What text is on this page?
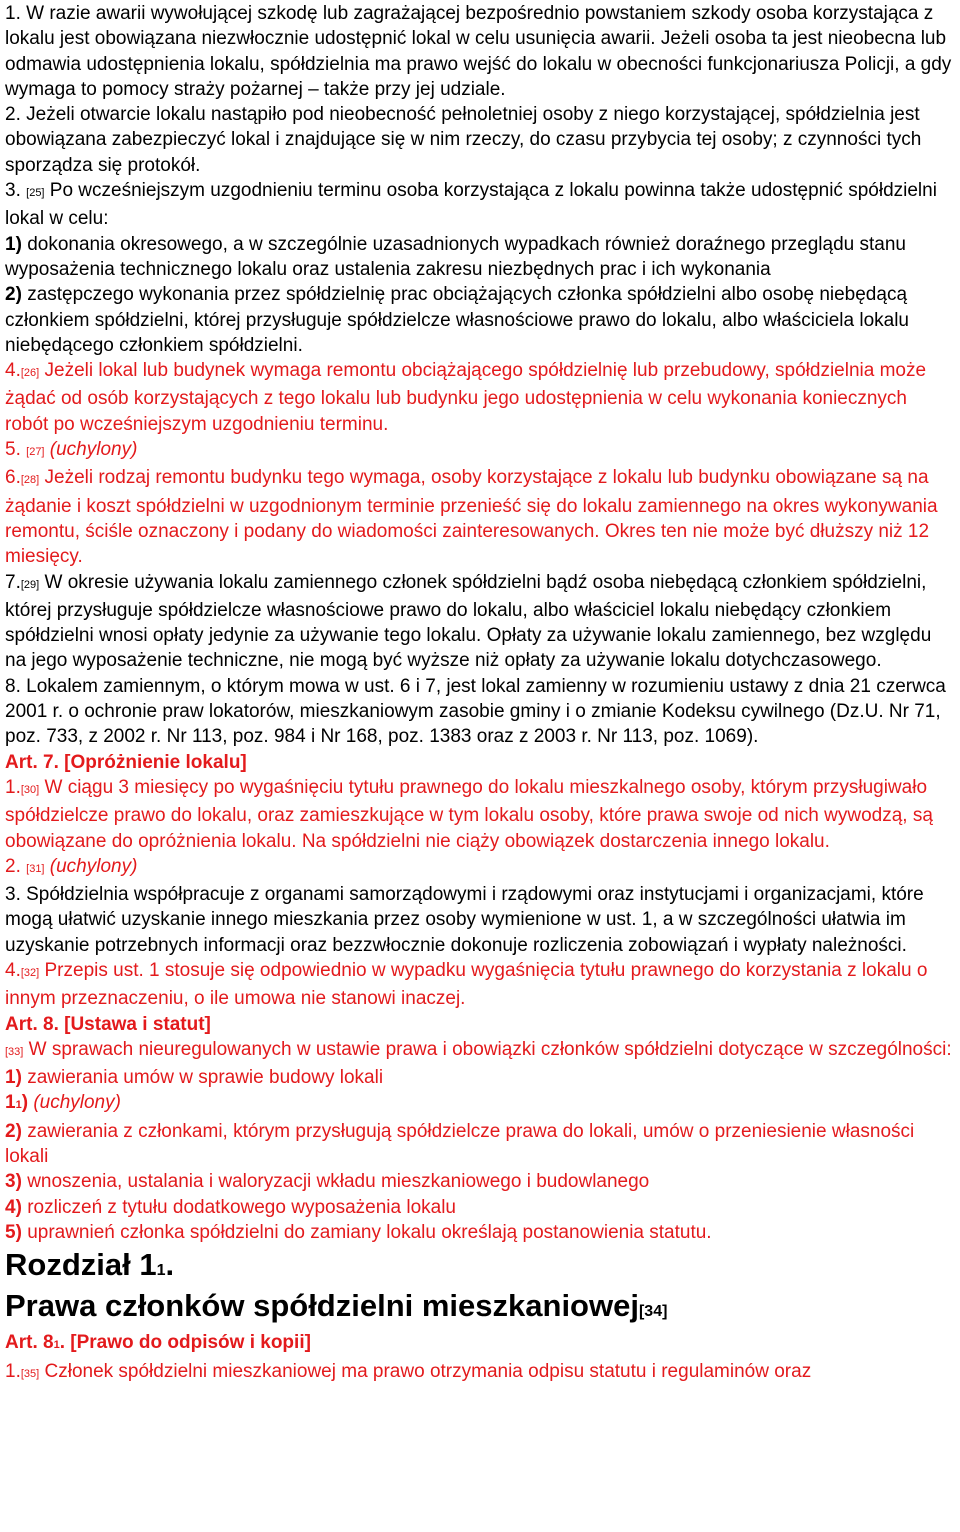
1. W razie awarii wywołującej szkodę lub zagrażającej bezpośrednio powstaniem szkody osoba korzystająca z lokalu jest obowiązana niezwłocznie udostępnić lokal w celu usunięcia awarii. Jeżeli osoba ta jest nieobecna lub odmawia udostępnienia lokalu, spółdzielnia ma prawo wejść do lokalu w obecności funkcjonariusza Policji, a gdy wymaga to pomocy straży pożarnej – także przy jej udziale.

2. Jeżeli otwarcie lokalu nastąpiło pod nieobecność pełnoletniej osoby z niego korzystającej, spółdzielnia jest obowiązana zabezpieczyć lokal i znajdujące się w nim rzeczy, do czasu przybycia tej osoby; z czynności tych sporządza się protokół.

3. [25] Po wcześniejszym uzgodnieniu terminu osoba korzystająca z lokalu powinna także udostępnić spółdzielni lokal w celu:

1) dokonania okresowego, a w szczególnie uzasadnionych wypadkach również doraźnego przeglądu stanu wyposażenia technicznego lokalu oraz ustalenia zakresu niezbędnych prac i ich wykonania

2) zastępczego wykonania przez spółdzielnię prac obciążających członka spółdzielni albo osobę niebędącą członkiem spółdzielni, której przysługuje spółdzielcze własnościowe prawo do lokalu, albo właściciela lokalu niebędącego członkiem spółdzielni.

4.[26] Jeżeli lokal lub budynek wymaga remontu obciążającego spółdzielnię lub przebudowy, spółdzielnia może żądać od osób korzystających z tego lokalu lub budynku jego udostępnienia w celu wykonania koniecznych robót po wcześniejszym uzgodnieniu terminu.

5. [27] (uchylony)

6.[28] Jeżeli rodzaj remontu budynku tego wymaga, osoby korzystające z lokalu lub budynku obowiązane są na żądanie i koszt spółdzielni w uzgodnionym terminie przenieść się do lokalu zamiennego na okres wykonywania remontu, ściśle oznaczony i podany do wiadomości zainteresowanych. Okres ten nie może być dłuższy niż 12 miesięcy.

7.[29] W okresie używania lokalu zamiennego członek spółdzielni bądź osoba niebędącą członkiem spółdzielni, której przysługuje spółdzielcze własnościowe prawo do lokalu, albo właściciel lokalu niebędący członkiem spółdzielni wnosi opłaty jedynie za używanie tego lokalu. Opłaty za używanie lokalu zamiennego, bez względu na jego wyposażenie techniczne, nie mogą być wyższe niż opłaty za używanie lokalu dotychczasowego.

8. Lokalem zamiennym, o którym mowa w ust. 6 i 7, jest lokal zamienny w rozumieniu ustawy z dnia 21 czerwca 2001 r. o ochronie praw lokatorów, mieszkaniowym zasobie gminy i o zmianie Kodeksu cywilnego (Dz.U. Nr 71, poz. 733, z 2002 r. Nr 113, poz. 984 i Nr 168, poz. 1383 oraz z 2003 r. Nr 113, poz. 1069).

Art. 7. [Opróżnienie lokalu]

1.[30] W ciągu 3 miesięcy po wygaśnięciu tytułu prawnego do lokalu mieszkalnego osoby, którym przysługiwało spółdzielcze prawo do lokalu, oraz zamieszkujące w tym lokalu osoby, które prawa swoje od nich wywodzą, są obowiązane do opróżnienia lokalu. Na spółdzielni nie ciąży obowiązek dostarczenia innego lokalu.

2. [31] (uchylony)

3. Spółdzielnia współpracuje z organami samorządowymi i rządowymi oraz instytucjami i organizacjami, które mogą ułatwić uzyskanie innego mieszkania przez osoby wymienione w ust. 1, a w szczególności ułatwia im uzyskanie potrzebnych informacji oraz bezzwłocznie dokonuje rozliczenia zobowiązań i wypłaty należności.

4.[32] Przepis ust. 1 stosuje się odpowiednio w wypadku wygaśnięcia tytułu prawnego do korzystania z lokalu o innym przeznaczeniu, o ile umowa nie stanowi inaczej.

Art. 8. [Ustawa i statut]

[33] W sprawach nieuregulowanych w ustawie prawa i obowiązki członków spółdzielni dotyczące w szczególności:

1) zawierania umów w sprawie budowy lokali

11) (uchylony)

2) zawierania z członkami, którym przysługują spółdzielcze prawa do lokali, umów o przeniesienie własności lokali

3) wnoszenia, ustalania i waloryzacji wkładu mieszkaniowego i budowlanego

4) rozliczeń z tytułu dodatkowego wyposażenia lokalu

5) uprawnień członka spółdzielni do zamiany lokalu określają postanowienia statutu.

Rozdział 11.

Prawa członków spółdzielni mieszkaniowej[34]

Art. 81. [Prawo do odpisów i kopii]

1.[35] Członek spółdzielni mieszkaniowej ma prawo otrzymania odpisu statutu i regulaminów oraz
